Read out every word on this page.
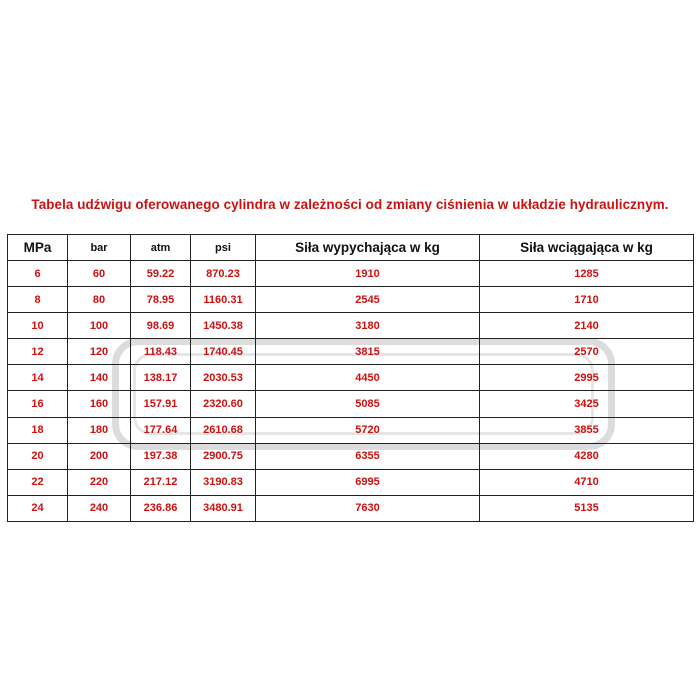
Tabela udźwigu oferowanego cylindra w zależności od zmiany ciśnienia w układzie hydraulicznym.
MPa	bar	atm	psi	Siła wypychająca w kg	Siła wciągająca w kg
6	60	59.22	870.23	1910	1285
8	80	78.95	1160.31	2545	1710
10	100	98.69	1450.38	3180	2140
12	120	118.43	1740.45	3815	2570
14	140	138.17	2030.53	4450	2995
16	160	157.91	2320.60	5085	3425
18	180	177.64	2610.68	5720	3855
20	200	197.38	2900.75	6355	4280
22	220	217.12	3190.83	6995	4710
24	240	236.86	3480.91	7630	5135
